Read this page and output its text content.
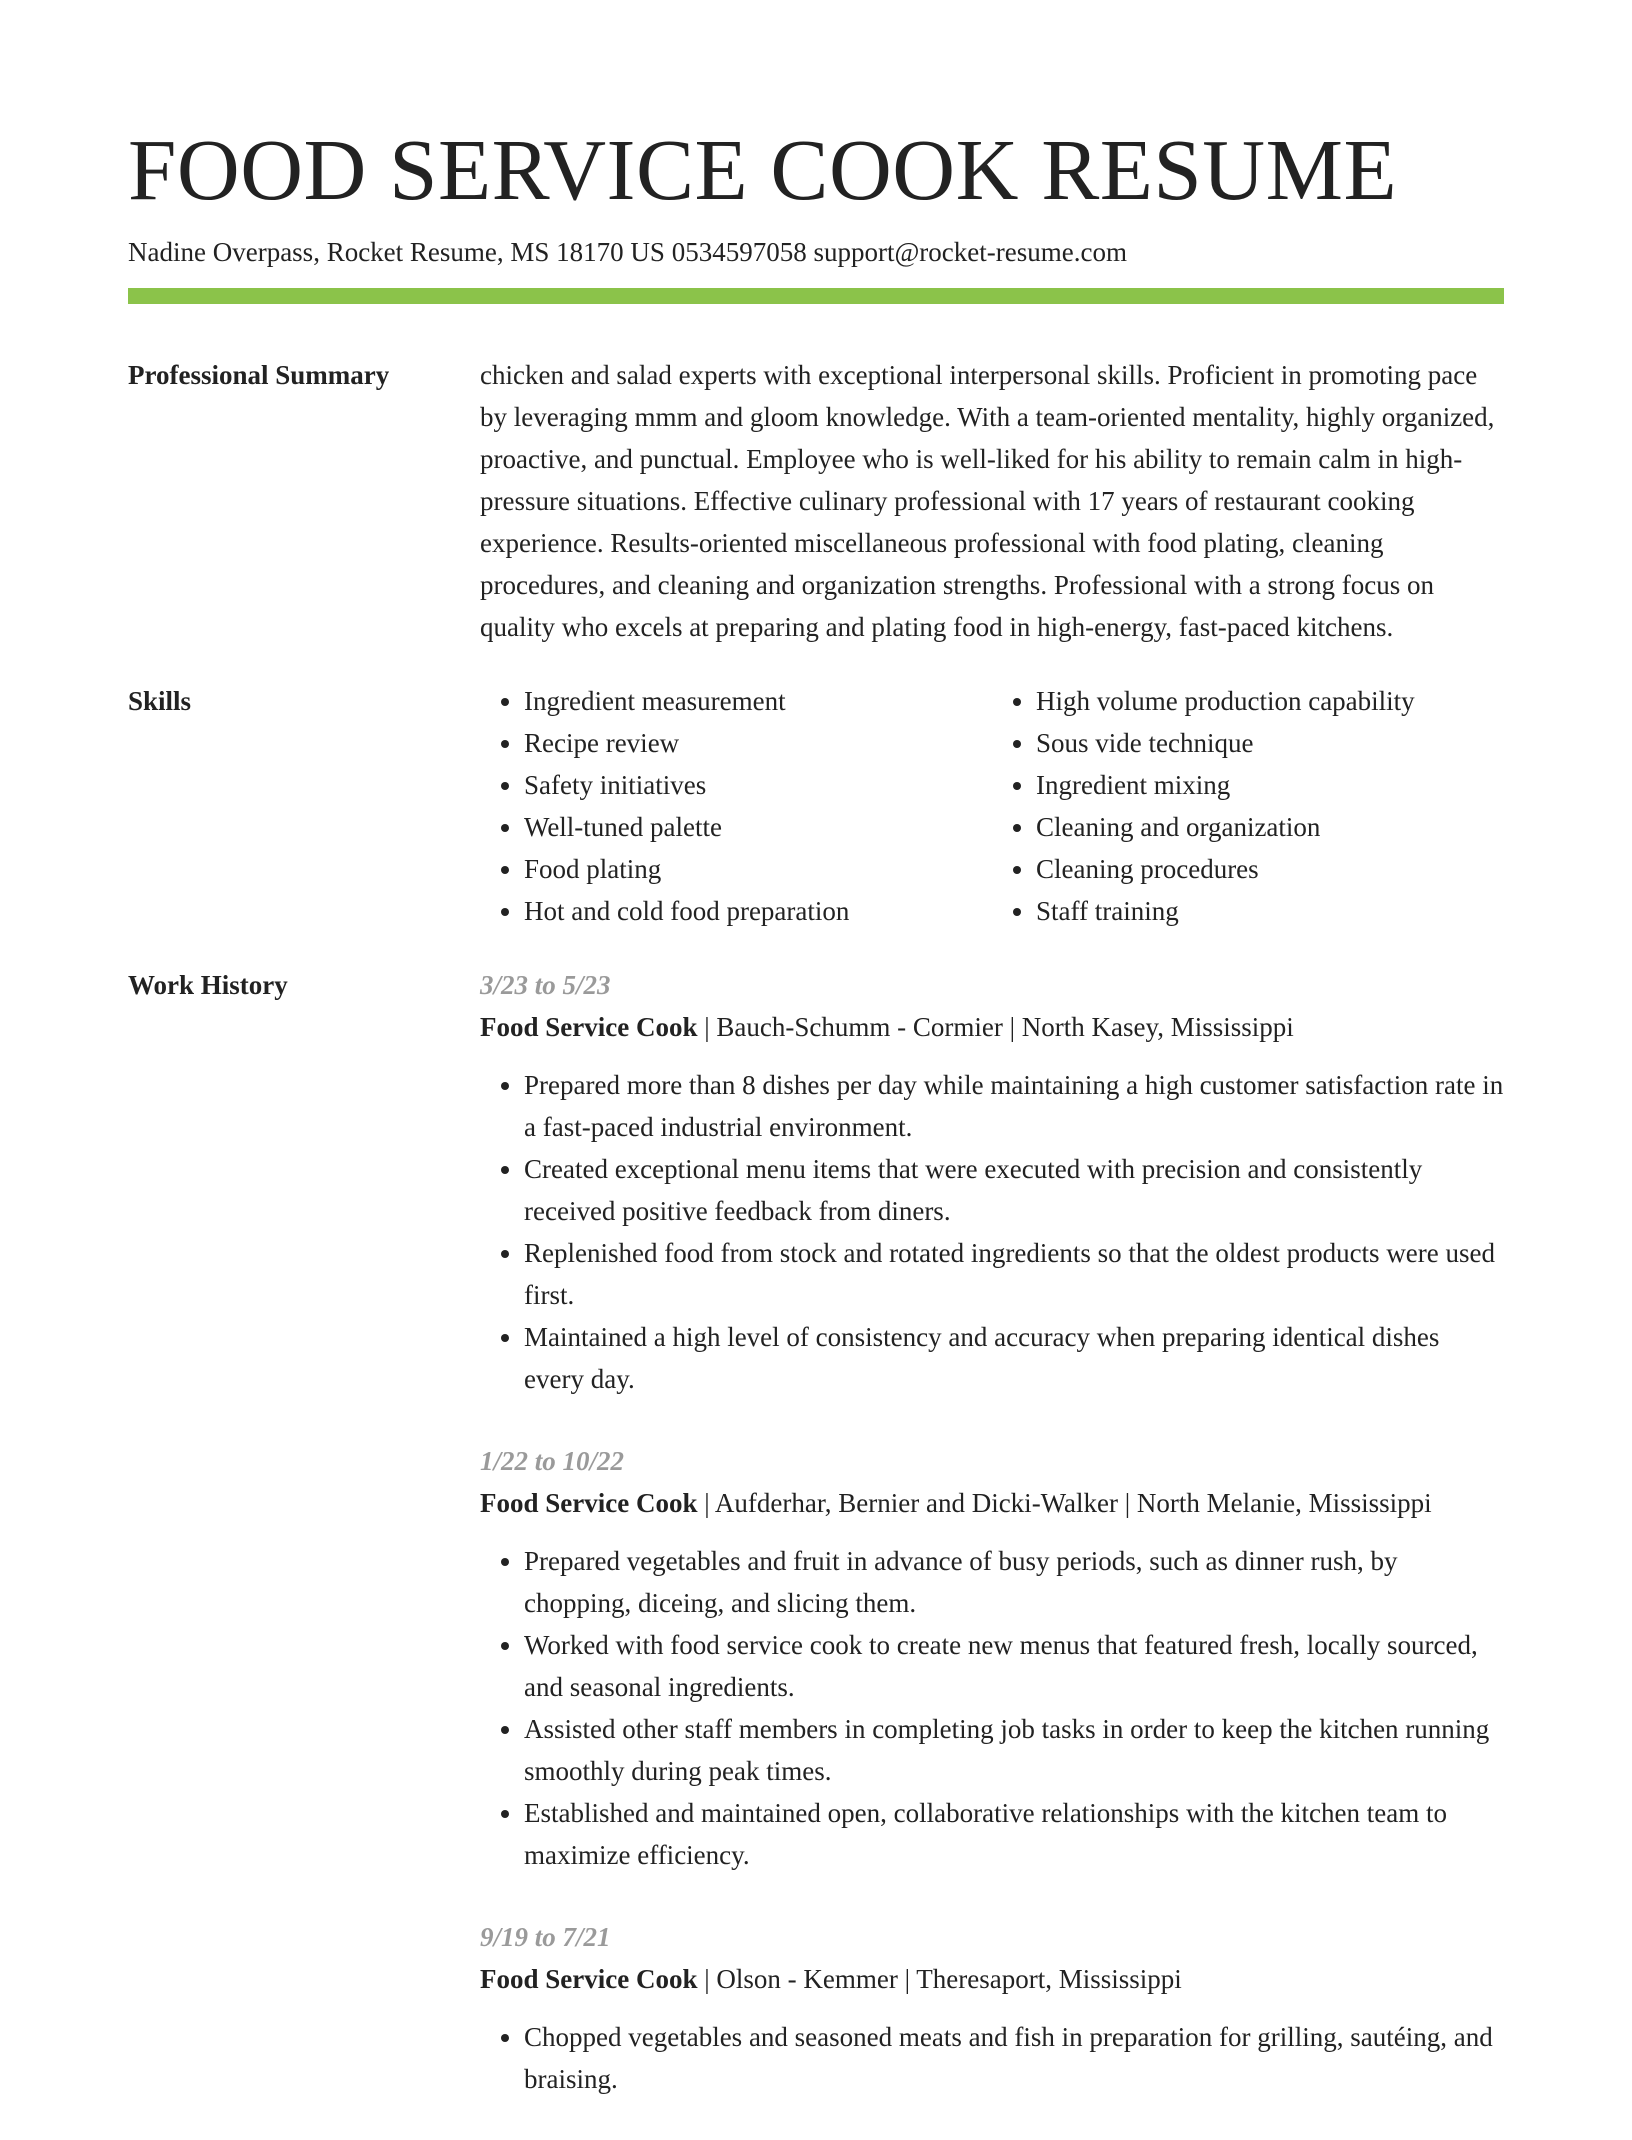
FOOD SERVICE COOK RESUME
Nadine Overpass, Rocket Resume, MS 18170 US 0534597058 support@rocket-resume.com
Professional Summary	chicken and salad experts with exceptional interpersonal skills. Proficient in promoting pace by leveraging mmm and gloom knowledge. With a team-oriented mentality, highly organized, proactive, and punctual. Employee who is well-liked for his ability to remain calm in high-pressure situations. Effective culinary professional with 17 years of restaurant cooking experience. Results-oriented miscellaneous professional with food plating, cleaning procedures, and cleaning and organization strengths. Professional with a strong focus on quality who excels at preparing and plating food in high-energy, fast-paced kitchens.
Skills
•	Ingredient measurement
• Recipe review
• Safety initiatives
• Well-tuned palette
• Food plating
• Hot and cold food preparation
• High volume production capability
• Sous vide technique
• Ingredient mixing
• Cleaning and organization
• Cleaning procedures
• Staff training
Work History	3/23 to 5/23
Food Service Cook | Bauch-Schumm - Cormier | North Kasey, Mississippi
• Prepared more than 8 dishes per day while maintaining a high customer satisfaction rate in a fast-paced industrial environment.
• Created exceptional menu items that were executed with precision and consistently received positive feedback from diners.
• Replenished food from stock and rotated ingredients so that the oldest products were used first.
• Maintained a high level of consistency and accuracy when preparing identical dishes every day.
1/22 to 10/22
Food Service Cook | Aufderhar, Bernier and Dicki-Walker | North Melanie, Mississippi
• Prepared vegetables and fruit in advance of busy periods, such as dinner rush, by chopping, diceing, and slicing them.
• Worked with food service cook to create new menus that featured fresh, locally sourced, and seasonal ingredients.
• Assisted other staff members in completing job tasks in order to keep the kitchen running smoothly during peak times.
• Established and maintained open, collaborative relationships with the kitchen team to maximize efficiency.
9/19 to 7/21
Food Service Cook | Olson - Kemmer | Theresaport, Mississippi
• Chopped vegetables and seasoned meats and fish in preparation for grilling, sautéing, and braising.
